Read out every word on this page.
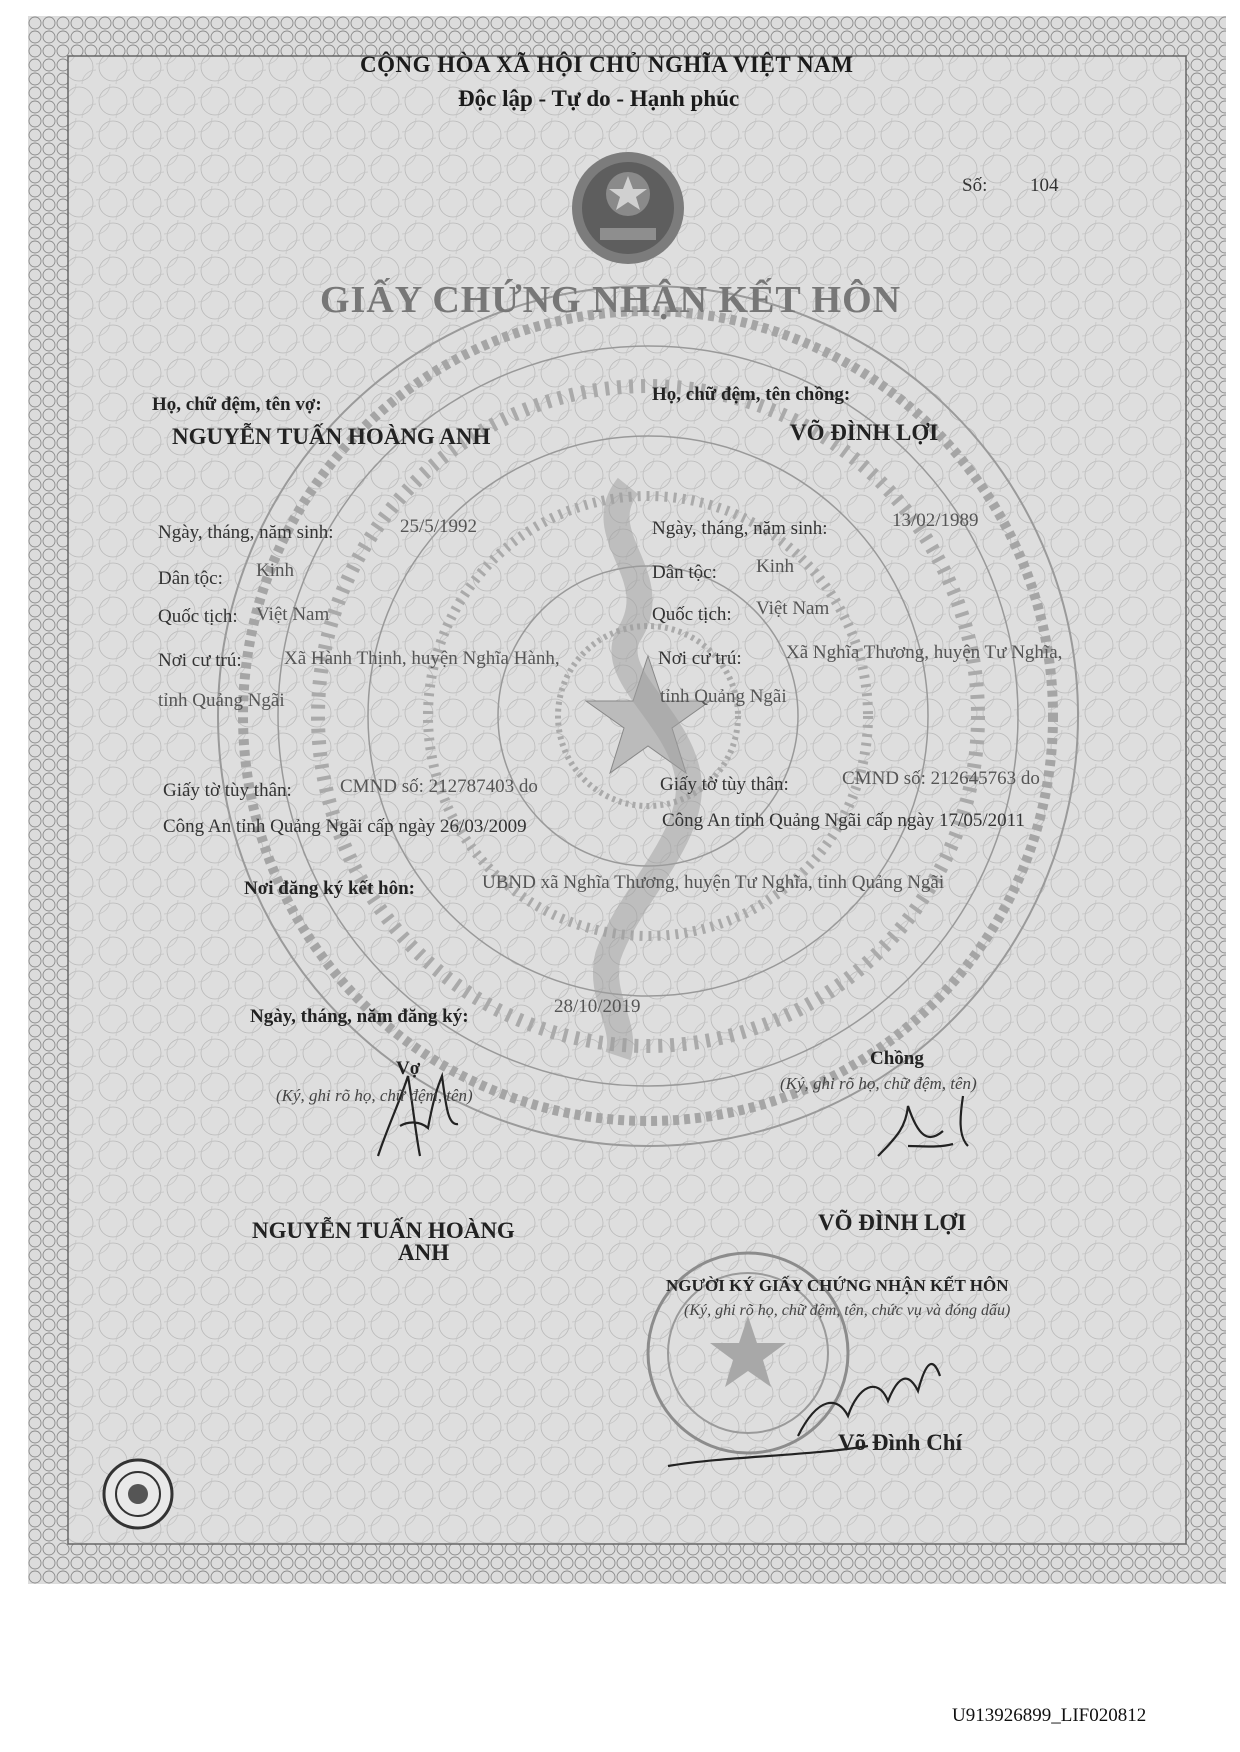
CỘNG HÒA XÃ HỘI CHỦ NGHĨA VIỆT NAM
Độc lập - Tự do - Hạnh phúc
Số: 104
GIẤY CHỨNG NHẬN KẾT HÔN
Họ, chữ đệm, tên vợ:
NGUYỄN TUẤN HOÀNG ANH
Ngày, tháng, năm sinh:	25/5/1992
Dân tộc: Kinh
Quốc tịch: Việt Nam
Nơi cư trú: Xã Hành Thịnh, huyện Nghĩa Hành,
tỉnh Quảng Ngãi
Giấy tờ tùy thân:	CMND số: 212787403 do
Công An tỉnh Quảng Ngãi cấp ngày 26/03/2009
Họ, chữ đệm, tên chồng:
VÕ ĐÌNH LỢI
Ngày, tháng, năm sinh:	13/02/1989
Dân tộc: Kinh
Quốc tịch: Việt Nam
Nơi cư trú: Xã Nghĩa Thương, huyện Tư Nghĩa,
tỉnh Quảng Ngãi
Giấy tờ tùy thân:	CMND số: 212645763 do
Công An tỉnh Quảng Ngãi cấp ngày 17/05/2011
Nơi đăng ký kết hôn:	UBND xã Nghĩa Thương, huyện Tư Nghĩa, tỉnh Quảng Ngãi
Ngày, tháng, năm đăng ký:	28/10/2019
Vợ
(Ký, ghi rõ họ, chữ đệm, tên)
NGUYỄN TUẤN HOÀNG
ANH
Chồng
(Ký, ghi rõ họ, chữ đệm, tên)
VÕ ĐÌNH LỢI
NGƯỜI KÝ GIẤY CHỨNG NHẬN KẾT HÔN
(Ký, ghi rõ họ, chữ đệm, tên, chức vụ và đóng dấu)
Võ Đình Chí
U913926899_LIF020812
